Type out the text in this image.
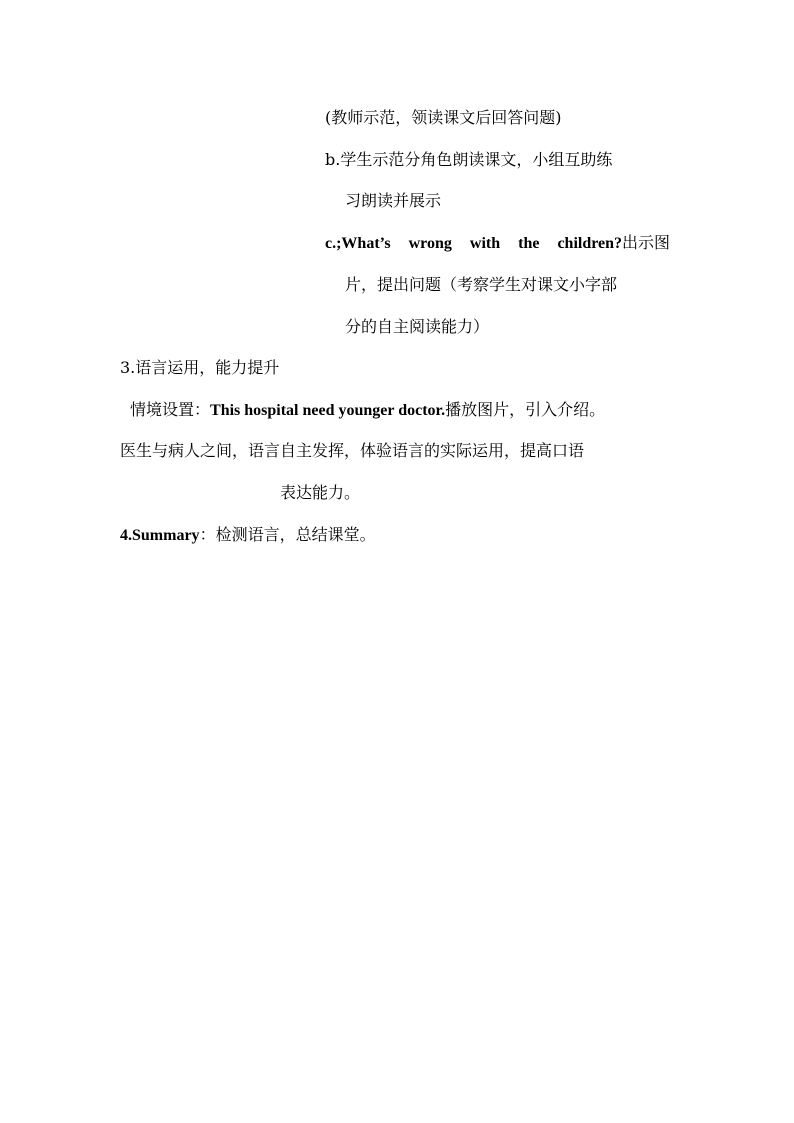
(教师示范，领读课文后回答问题)
b.学生示范分角色朗读课文，小组互助练
习朗读并展示
c.;What’s wrong with the children?出示图
片，提出问题（考察学生对课文小字部
分的自主阅读能力）
3.语言运用，能力提升
情境设置：This hospital need younger doctor.播放图片，引入介绍。
医生与病人之间，语言自主发挥，体验语言的实际运用，提高口语
表达能力。
4.Summary：检测语言，总结课堂。
